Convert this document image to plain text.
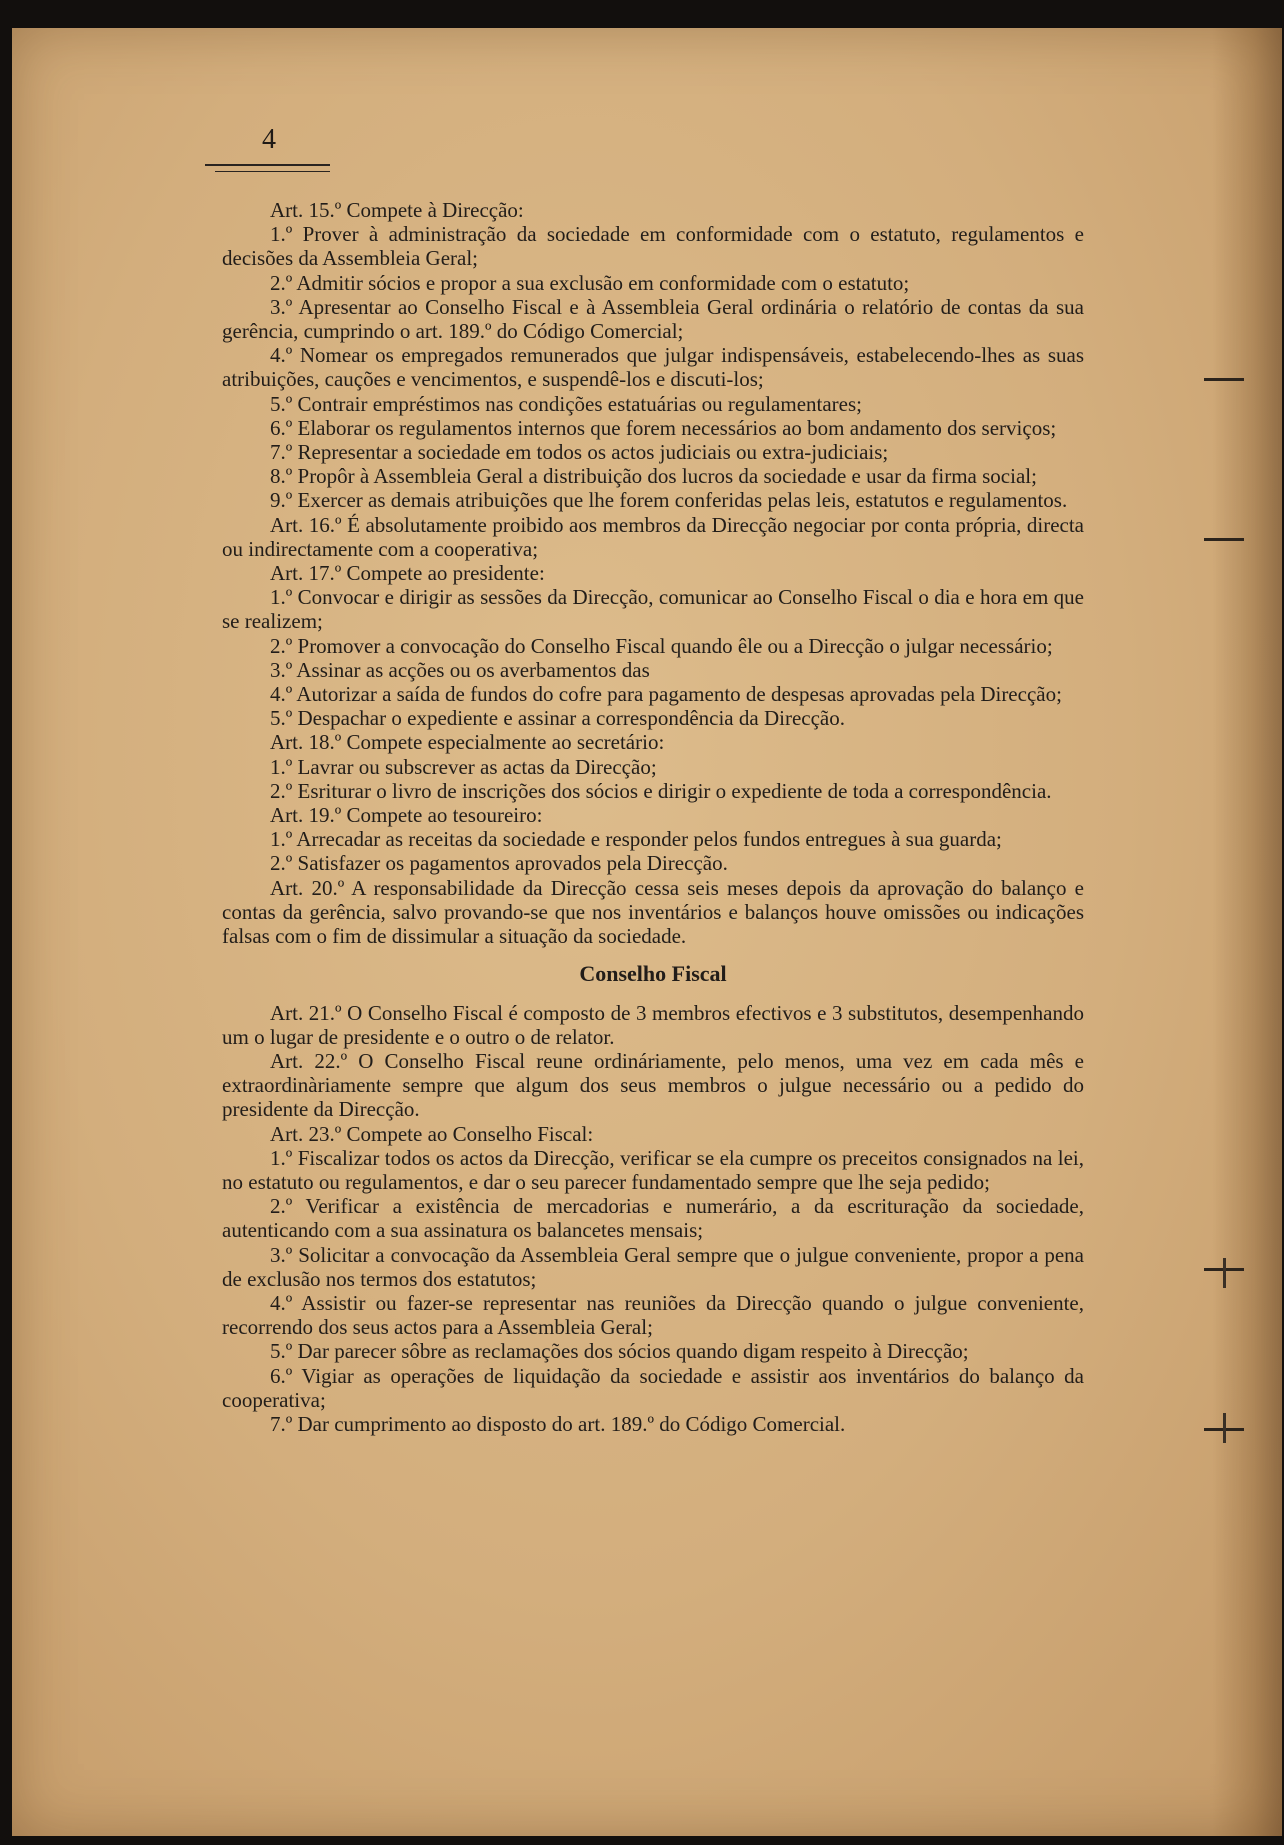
4

Art. 15.º Compete à Direcção:

1.º Prover à administração da sociedade em conformidade com o estatuto, regulamentos e decisões da Assembleia Geral;

2.º Admitir sócios e propor a sua exclusão em conformidade com o estatuto;

3.º Apresentar ao Conselho Fiscal e à Assembleia Geral ordinária o relatório de contas da sua gerência, cumprindo o art. 189.º do Código Comercial;

4.º Nomear os empregados remunerados que julgar indispensáveis, estabelecendo-lhes as suas atribuições, cauções e vencimentos, e suspendê-los e discuti-los;

5.º Contrair empréstimos nas condições estatuárias ou regulamentares;

6.º Elaborar os regulamentos internos que forem necessários ao bom andamento dos serviços;

7.º Representar a sociedade em todos os actos judiciais ou extra-judiciais;

8.º Propôr à Assembleia Geral a distribuição dos lucros da sociedade e usar da firma social;

9.º Exercer as demais atribuições que lhe forem conferidas pelas leis, estatutos e regulamentos.

Art. 16.º É absolutamente proibido aos membros da Direcção negociar por conta própria, directa ou indirectamente com a cooperativa;

Art. 17.º Compete ao presidente:

1.º Convocar e dirigir as sessões da Direcção, comunicar ao Conselho Fiscal o dia e hora em que se realizem;

2.º Promover a convocação do Conselho Fiscal quando êle ou a Direcção o julgar necessário;

3.º Assinar as acções ou os averbamentos das

4.º Autorizar a saída de fundos do cofre para pagamento de despesas aprovadas pela Direcção;

5.º Despachar o expediente e assinar a correspondência da Direcção.

Art. 18.º Compete especialmente ao secretário:

1.º Lavrar ou subscrever as actas da Direcção;

2.º Esriturar o livro de inscrições dos sócios e dirigir o expediente de toda a correspondência.

Art. 19.º Compete ao tesoureiro:

1.º Arrecadar as receitas da sociedade e responder pelos fundos entregues à sua guarda;

2.º Satisfazer os pagamentos aprovados pela Direcção.

Art. 20.º A responsabilidade da Direcção cessa seis meses depois da aprovação do balanço e contas da gerência, salvo provando-se que nos inventários e balanços houve omissões ou indicações falsas com o fim de dissimular a situação da sociedade.

Conselho Fiscal

Art. 21.º O Conselho Fiscal é composto de 3 membros efectivos e 3 substitutos, desempenhando um o lugar de presidente e o outro o de relator.

Art. 22.º O Conselho Fiscal reune ordináriamente, pelo menos, uma vez em cada mês e extraordinàriamente sempre que algum dos seus membros o julgue necessário ou a pedido do presidente da Direcção.

Art. 23.º Compete ao Conselho Fiscal:

1.º Fiscalizar todos os actos da Direcção, verificar se ela cumpre os preceitos consignados na lei, no estatuto ou regulamentos, e dar o seu parecer fundamentado sempre que lhe seja pedido;

2.º Verificar a existência de mercadorias e numerário, a da escrituração da sociedade, autenticando com a sua assinatura os balancetes mensais;

3.º Solicitar a convocação da Assembleia Geral sempre que o julgue conveniente, propor a pena de exclusão nos termos dos estatutos;

4.º Assistir ou fazer-se representar nas reuniões da Direcção quando o julgue conveniente, recorrendo dos seus actos para a Assembleia Geral;

5.º Dar parecer sôbre as reclamações dos sócios quando digam respeito à Direcção;

6.º Vigiar as operações de liquidação da sociedade e assistir aos inventários do balanço da cooperativa;

7.º Dar cumprimento ao disposto do art. 189.º do Código Comercial.
